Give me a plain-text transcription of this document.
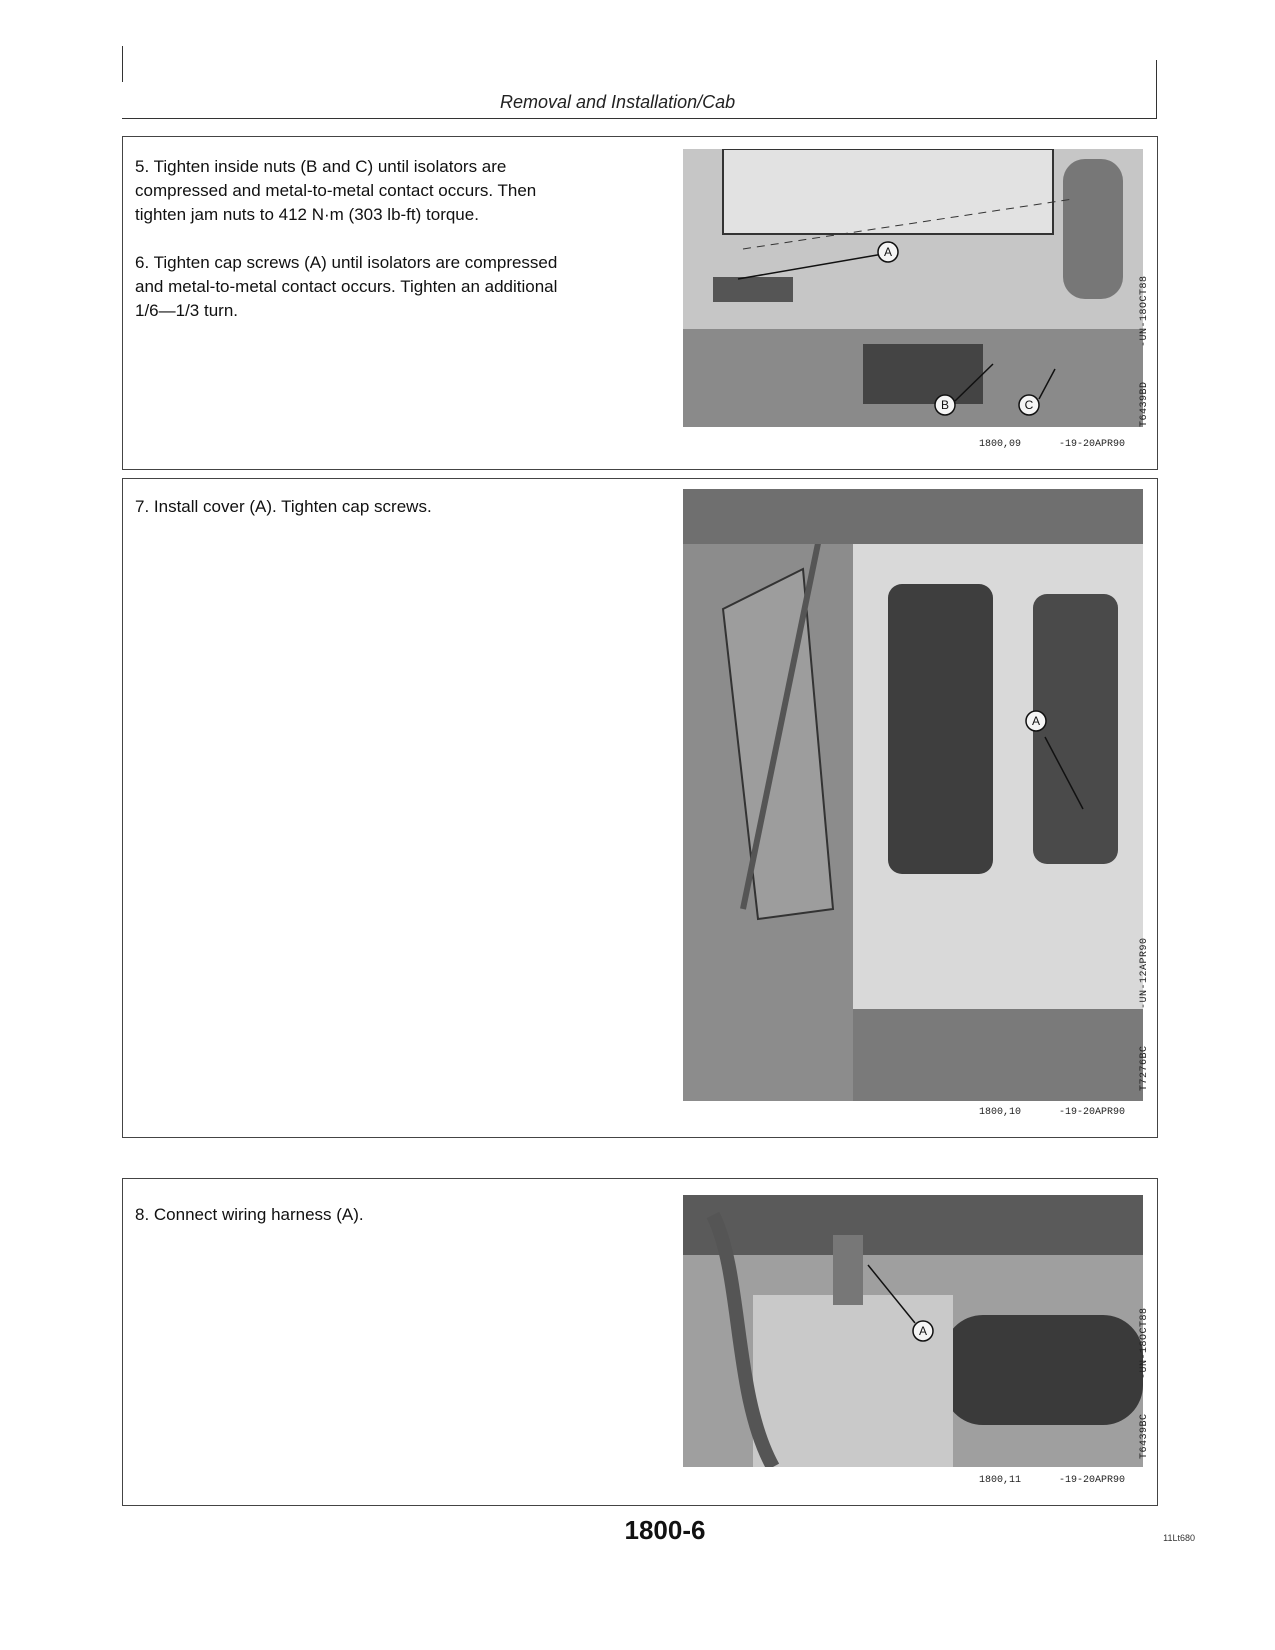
Removal and Installation/Cab
5. Tighten inside nuts (B and C) until isolators are
compressed and metal-to-metal contact occurs. Then
tighten jam nuts to 412 N·m (303 lb-ft) torque.

6. Tighten cap screws (A) until isolators are compressed
and metal-to-metal contact occurs. Tighten an additional
1/6—1/3 turn.
A
B	C	T6439BD
-UN-18OCT88
1800,09	-19-20APR90
7. Install cover (A). Tighten cap screws.
A
T7276BC
-UN-12APR90
1800,10	-19-20APR90
8. Connect wiring harness (A).
A
T6439BC
-UN-18OCT88
1800,11	-19-20APR90
1800-6	11Lt680
